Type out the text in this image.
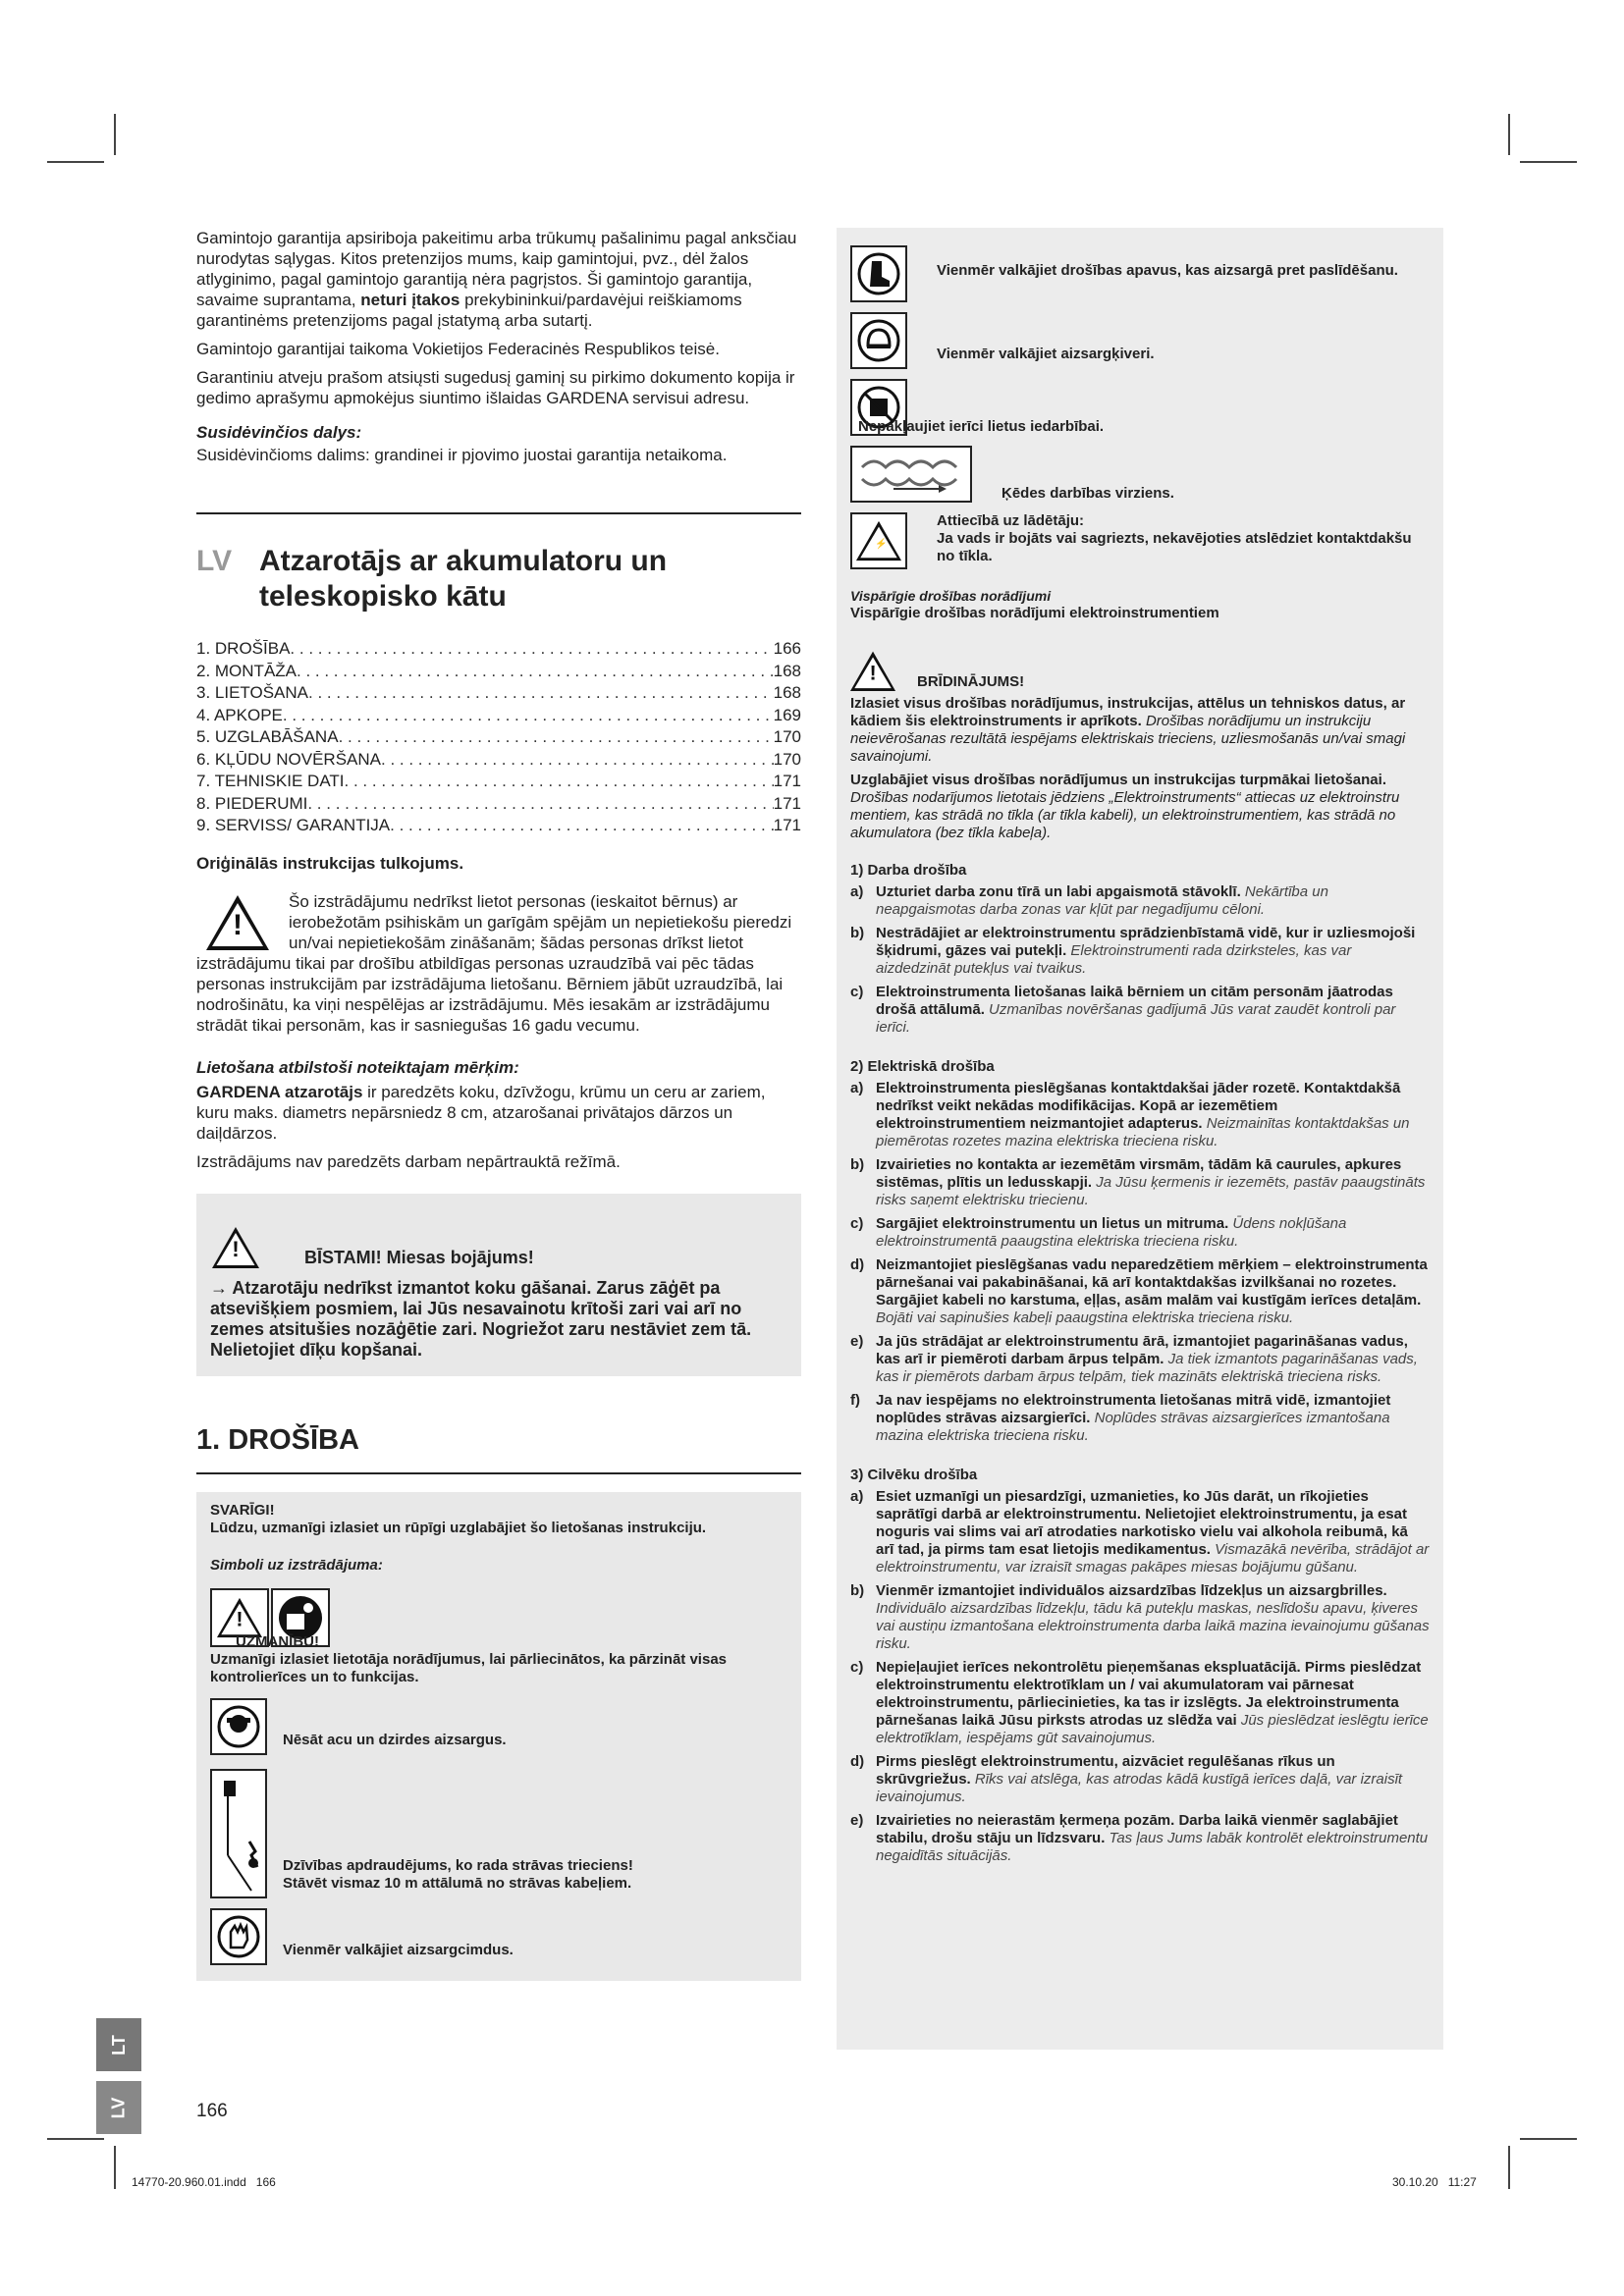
Gamintojo garantija apsiriboja pakeitimu arba trūkumų pašalinimu pagal anksčiau nurodytas sąlygas. Kitos pretenzijos mums, kaip gamintojui, pvz., dėl žalos atlyginimo, pagal gamintojo garantiją nėra pagrįstos. Ši gamintojo garantija, savaime suprantama, neturi įtakos prekybininkui/pardavėjui reiškiamoms garantinėms pretenzijoms pagal įstatymą arba sutartį.

Gamintojo garantijai taikoma Vokietijos Federacinės Respublikos teisė.

Garantiniu atveju prašom atsiųsti sugedusį gaminį su pirkimo dokumento kopija ir gedimo aprašymu apmokėjus siuntimo išlaidas GARDENA servisui adresu.

Susidėvinčios dalys:

Susidėvinčioms dalims: grandinei ir pjovimo juostai garantija netaikoma.

LV Atzarotājs ar akumulatoru un teleskopisko kātu
1. DROŠĪBA . . .	166
2. MONTĀŽA . . .	168
3. LIETOŠANA . . .	168
4. APKOPE . . .	169
5. UZGLABĀŠANA . . .	170
6. KĻŪDU NOVĒRŠANA . . .	170
7. TEHNISKIE DATI . . .	171
8. PIEDERUMI . . .	171
9. SERVISS/ GARANTIJA . . .	171

Oriģinālās instrukcijas tulkojums.

!

Šo izstrādājumu nedrīkst lietot personas (ieskaitot bērnus) ar ierobežotām psihiskām un garīgām spējām un nepietiekošu pieredzi un/vai nepietiekošām zināšanām; šādas personas drīkst lietot izstrādājumu tikai par drošību atbildīgas personas uzraudzībā vai pēc tādas personas instrukcijām par izstrādājuma lietošanu. Bērniem jābūt uzraudzībā, lai nodrošinātu, ka viņi nespēlējas ar izstrādājumu. Mēs iesakām ar izstrādājumu strādāt tikai personām, kas ir sasniegušas 16 gadu vecumu.

Lietošana atbilstoši noteiktajam mērķim:

GARDENA atzarotājs ir paredzēts koku, dzīvžogu, krūmu un ceru ar zariem, kuru maks. diametrs nepārsniedz 8 cm, atzarošanai privātajos dārzos un daiļdārzos.

Izstrādājums nav paredzēts darbam nepārtrauktā režīmā.

!	BĪSTAMI! Miesas bojājums!
→ Atzarotāju nedrīkst izmantot koku gāšanai. Zarus zāģēt pa atsevišķiem posmiem, lai Jūs nesavainotu krītoši zari vai arī no zemes atsitušies nozāģētie zari. Nogriežot zaru nestāviet zem tā. Nelietojiet dīķu kopšanai.
1. DROŠĪBA
SVARĪGI!
Lūdzu, uzmanīgi izlasiet un rūpīgi uzglabājiet šo lietošanas instrukciju.
Simboli uz izstrādājuma:
!
UZMANĪBU!
Uzmanīgi izlasiet lietotāja norādījumus, lai pārliecinātos, ka pārzināt visas kontrolierīces un to funkcijas.
Nēsāt acu un dzirdes aizsargus.
Dzīvības apdraudējums, ko rada strāvas trieciens!
Stāvēt vismaz 10 m attālumā no strāvas kabeļiem.
Vienmēr valkājiet aizsargcimdus.
Vienmēr valkājiet drošības apavus, kas aizsargā pret paslīdēšanu.
Vienmēr valkājiet aizsargķiveri.
Nepakļaujiet ierīci lietus iedarbībai.
Ķēdes darbības virziens.
⚡
Attiecībā uz lādētāju:
Ja vads ir bojāts vai sagriezts, nekavējoties atslēdziet kontaktdakšu no tīkla.
Vispārīgie drošības norādījumi
Vispārīgie drošības norādījumi elektroinstrumentiem
!	BRĪDINĀJUMS!

Izlasiet visus drošības norādījumus, instrukcijas, attēlus un tehniskos datus, ar kādiem šis elektroinstruments ir aprīkots. Drošības norādījumu un instrukciju neievērošanas rezultātā iespējams elektriskais trieciens, uzliesmošanās un/vai smagi savainojumi.

Uzglabājiet visus drošības norādījumus un instrukcijas turpmākai lietošanai. Drošības nodarījumos lietotais jēdziens „Elektroinstruments“ attiecas uz elektroinstru mentiem, kas strādā no tīkla (ar tīkla kabeli), un elektroinstrumentiem, kas strādā no akumulatora (bez tīkla kabeļa).

1) Darba drošība
a) Uzturiet darba zonu tīrā un labi apgaismotā stāvoklī. Nekārtība un neapgaismotas darba zonas var kļūt par negadījumu cēloni.
b) Nestrādājiet ar elektroinstrumentu sprādzienbīstamā vidē, kur ir uzliesmojoši šķidrumi, gāzes vai putekļi. Elektroinstrumenti rada dzirksteles, kas var aizdedzināt putekļus vai tvaikus.
c) Elektroinstrumenta lietošanas laikā bērniem un citām personām jāatrodas drošā attālumā. Uzmanības novēršanas gadījumā Jūs varat zaudēt kontroli par ierīci.
2) Elektriskā drošība
a) Elektroinstrumenta pieslēgšanas kontaktdakšai jāder rozetē. Kontaktdakšā nedrīkst veikt nekādas modifikācijas. Kopā ar iezemētiem elektroinstrumentiem neizmantojiet adapterus. Neizmainītas kontaktdakšas un piemērotas rozetes mazina elektriska trieciena risku.
b) Izvairieties no kontakta ar iezemētām virsmām, tādām kā caurules, apkures sistēmas, plītis un ledusskapji. Ja Jūsu ķermenis ir iezemēts, pastāv paaugstināts risks saņemt elektrisku triecienu.
c) Sargājiet elektroinstrumentu un lietus un mitruma. Ūdens nokļūšana elektroinstrumentā paaugstina elektriska trieciena risku.
d) Neizmantojiet pieslēgšanas vadu neparedzētiem mērķiem – elektroinstrumenta pārnešanai vai pakabināšanai, kā arī kontaktdakšas izvilkšanai no rozetes. Sargājiet kabeli no karstuma, eļļas, asām malām vai kustīgām ierīces detaļām. Bojāti vai sapinušies kabeļi paaugstina elektriska trieciena risku.
e) Ja jūs strādājat ar elektroinstrumentu ārā, izmantojiet pagarināšanas vadus, kas arī ir piemēroti darbam ārpus telpām. Ja tiek izmantots pagarināšanas vads, kas ir piemērots darbam ārpus telpām, tiek mazināts elektriskā trieciena risks.
f)	Ja nav iespējams no elektroinstrumenta lietošanas mitrā vidē, izmantojiet noplūdes strāvas aizsargierīci. Noplūdes strāvas aizsargierīces izmantošana mazina elektriska trieciena risku.
3) Cilvēku drošība
a) Esiet uzmanīgi un piesardzīgi, uzmanieties, ko Jūs darāt, un rīkojieties saprātīgi darbā ar elektroinstrumentu. Nelietojiet elektroinstrumentu, ja esat noguris vai slims vai arī atrodaties narkotisko vielu vai alkohola reibumā, kā arī tad, ja pirms tam esat lietojis medikamentus. Vismazākā nevērība, strādājot ar elektroinstrumentu, var izraisīt smagas pakāpes miesas bojājumu gūšanu.
b) Vienmēr izmantojiet individuālos aizsardzības līdzekļus un aizsargbrilles. Individuālo aizsardzības līdzekļu, tādu kā putekļu maskas, neslīdošu apavu, ķiveres vai austiņu izmantošana elektroinstrumenta darba laikā mazina ievainojumu gūšanas risku.
c) Nepieļaujiet ierīces nekontrolētu pieņemšanas ekspluatācijā. Pirms pieslēdzat elektroinstrumentu elektrotīklam un / vai akumulatoram vai pārnesat elektroinstrumentu, pārliecinieties, ka tas ir izslēgts. Ja elektroinstrumenta pārnešanas laikā Jūsu pirksts atrodas uz slēdža vai Jūs pieslēdzat ieslēgtu ierīce elektrotīklam, iespējams gūt savainojumus.
d) Pirms pieslēgt elektroinstrumentu, aizvāciet regulēšanas rīkus un skrūvgriežus. Rīks vai atslēga, kas atrodas kādā kustīgā ierīces daļā, var izraisīt ievainojumus.
e) Izvairieties no neierastām ķermeņa pozām. Darba laikā vienmēr saglabājiet stabilu, drošu stāju un līdzsvaru. Tas ļaus Jums labāk kontrolēt elektroinstrumentu negaidītās situācijās.
LT
LV	166
14770-20.960.01.indd   166	30.10.20   11:27
